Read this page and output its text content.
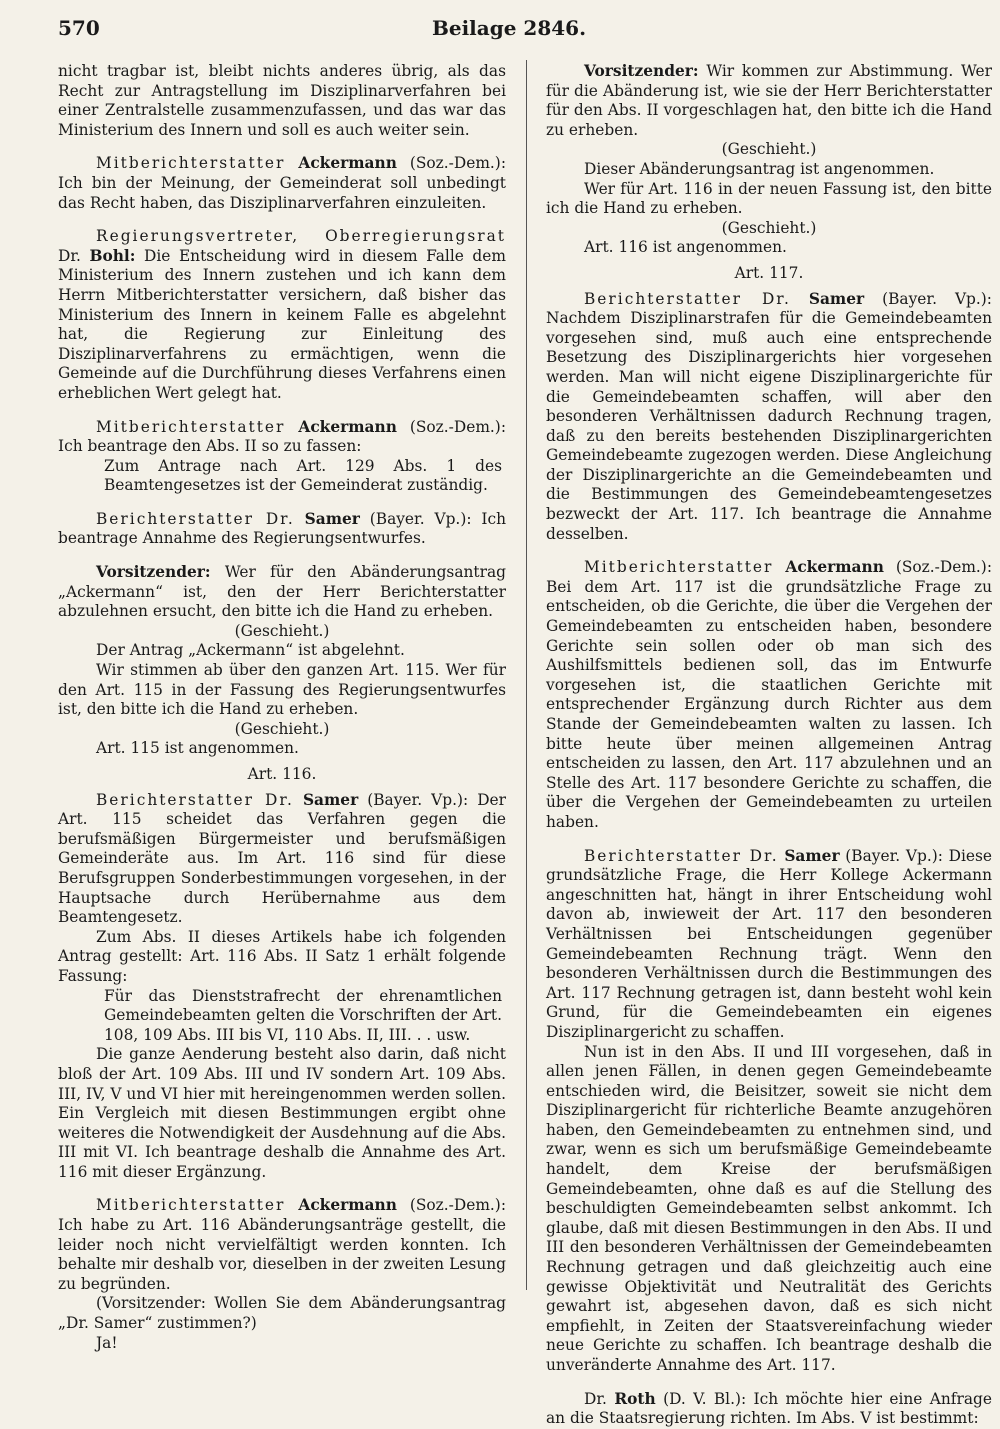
570	Beilage 2846.

nicht tragbar ist, bleibt nichts anderes übrig, als das Recht zur Antragstellung im Disziplinarverfahren bei einer Zentralstelle zusammenzufassen, und das war das Ministerium des Innern und soll es auch weiter sein.

Mitberichterstatter Ackermann (Soz.-Dem.): Ich bin der Meinung, der Gemeinderat soll unbedingt das Recht haben, das Disziplinarverfahren einzuleiten.

Regierungsvertreter, Oberregierungsrat Dr. Bohl: Die Entscheidung wird in diesem Falle dem Ministerium des Innern zustehen und ich kann dem Herrn Mitberichterstatter versichern, daß bisher das Ministerium des Innern in keinem Falle es abgelehnt hat, die Regierung zur Einleitung des Disziplinarverfahrens zu ermächtigen, wenn die Gemeinde auf die Durchführung dieses Verfahrens einen erheblichen Wert gelegt hat.

Mitberichterstatter Ackermann (Soz.-Dem.): Ich beantrage den Abs. II so zu fassen:

Zum Antrage nach Art. 129 Abs. 1 des Beamtengesetzes ist der Gemeinderat zuständig.

Berichterstatter Dr. Samer (Bayer. Vp.): Ich beantrage Annahme des Regierungsentwurfes.

Vorsitzender: Wer für den Abänderungsantrag „Ackermann“ ist, den der Herr Berichterstatter abzulehnen ersucht, den bitte ich die Hand zu erheben.

(Geschieht.)

Der Antrag „Ackermann“ ist abgelehnt.

Wir stimmen ab über den ganzen Art. 115. Wer für den Art. 115 in der Fassung des Regierungsentwurfes ist, den bitte ich die Hand zu erheben.

(Geschieht.)

Art. 115 ist angenommen.

Art. 116.

Berichterstatter Dr. Samer (Bayer. Vp.): Der Art. 115 scheidet das Verfahren gegen die berufsmäßigen Bürgermeister und berufsmäßigen Gemeinderäte aus. Im Art. 116 sind für diese Berufsgruppen Sonderbestimmungen vorgesehen, in der Hauptsache durch Herübernahme aus dem Beamtengesetz.

Zum Abs. II dieses Artikels habe ich folgenden Antrag gestellt: Art. 116 Abs. II Satz 1 erhält folgende Fassung:

Für das Dienststrafrecht der ehrenamtlichen Gemeindebeamten gelten die Vorschriften der Art. 108, 109 Abs. III bis VI, 110 Abs. II, III. . . usw.

Die ganze Aenderung besteht also darin, daß nicht bloß der Art. 109 Abs. III und IV sondern Art. 109 Abs. III, IV, V und VI hier mit hereingenommen werden sollen. Ein Vergleich mit diesen Bestimmungen ergibt ohne weiteres die Notwendigkeit der Ausdehnung auf die Abs. III mit VI. Ich beantrage deshalb die Annahme des Art. 116 mit dieser Ergänzung.

Mitberichterstatter Ackermann (Soz.-Dem.): Ich habe zu Art. 116 Abänderungsanträge gestellt, die leider noch nicht vervielfältigt werden konnten. Ich behalte mir deshalb vor, dieselben in der zweiten Lesung zu begründen.

(Vorsitzender: Wollen Sie dem Abänderungsantrag „Dr. Samer“ zustimmen?)

Ja!

Vorsitzender: Wir kommen zur Abstimmung. Wer für die Abänderung ist, wie sie der Herr Berichterstatter für den Abs. II vorgeschlagen hat, den bitte ich die Hand zu erheben.

(Geschieht.)

Dieser Abänderungsantrag ist angenommen.

Wer für Art. 116 in der neuen Fassung ist, den bitte ich die Hand zu erheben.

(Geschieht.)

Art. 116 ist angenommen.

Art. 117.

Berichterstatter Dr. Samer (Bayer. Vp.): Nachdem Disziplinarstrafen für die Gemeindebeamten vorgesehen sind, muß auch eine entsprechende Besetzung des Disziplinargerichts hier vorgesehen werden. Man will nicht eigene Disziplinargerichte für die Gemeindebeamten schaffen, will aber den besonderen Verhältnissen dadurch Rechnung tragen, daß zu den bereits bestehenden Disziplinargerichten Gemeindebeamte zugezogen werden. Diese Angleichung der Disziplinargerichte an die Gemeindebeamten und die Bestimmungen des Gemeindebeamtengesetzes bezweckt der Art. 117. Ich beantrage die Annahme desselben.

Mitberichterstatter Ackermann (Soz.-Dem.): Bei dem Art. 117 ist die grundsätzliche Frage zu entscheiden, ob die Gerichte, die über die Vergehen der Gemeindebeamten zu entscheiden haben, besondere Gerichte sein sollen oder ob man sich des Aushilfsmittels bedienen soll, das im Entwurfe vorgesehen ist, die staatlichen Gerichte mit entsprechender Ergänzung durch Richter aus dem Stande der Gemeindebeamten walten zu lassen. Ich bitte heute über meinen allgemeinen Antrag entscheiden zu lassen, den Art. 117 abzulehnen und an Stelle des Art. 117 besondere Gerichte zu schaffen, die über die Vergehen der Gemeindebeamten zu urteilen haben.

Berichterstatter Dr. Samer (Bayer. Vp.): Diese grundsätzliche Frage, die Herr Kollege Ackermann angeschnitten hat, hängt in ihrer Entscheidung wohl davon ab, inwieweit der Art. 117 den besonderen Verhältnissen bei Entscheidungen gegenüber Gemeindebeamten Rechnung trägt. Wenn den besonderen Verhältnissen durch die Bestimmungen des Art. 117 Rechnung getragen ist, dann besteht wohl kein Grund, für die Gemeindebeamten ein eigenes Disziplinargericht zu schaffen.

Nun ist in den Abs. II und III vorgesehen, daß in allen jenen Fällen, in denen gegen Gemeindebeamte entschieden wird, die Beisitzer, soweit sie nicht dem Disziplinargericht für richterliche Beamte anzugehören haben, den Gemeindebeamten zu entnehmen sind, und zwar, wenn es sich um berufsmäßige Gemeindebeamte handelt, dem Kreise der berufsmäßigen Gemeindebeamten, ohne daß es auf die Stellung des beschuldigten Gemeindebeamten selbst ankommt. Ich glaube, daß mit diesen Bestimmungen in den Abs. II und III den besonderen Verhältnissen der Gemeindebeamten Rechnung getragen und daß gleichzeitig auch eine gewisse Objektivität und Neutralität des Gerichts gewahrt ist, abgesehen davon, daß es sich nicht empfiehlt, in Zeiten der Staatsvereinfachung wieder neue Gerichte zu schaffen. Ich beantrage deshalb die unveränderte Annahme des Art. 117.

Dr. Roth (D. V. Bl.): Ich möchte hier eine Anfrage an die Staatsregierung richten. Im Abs. V ist bestimmt:
